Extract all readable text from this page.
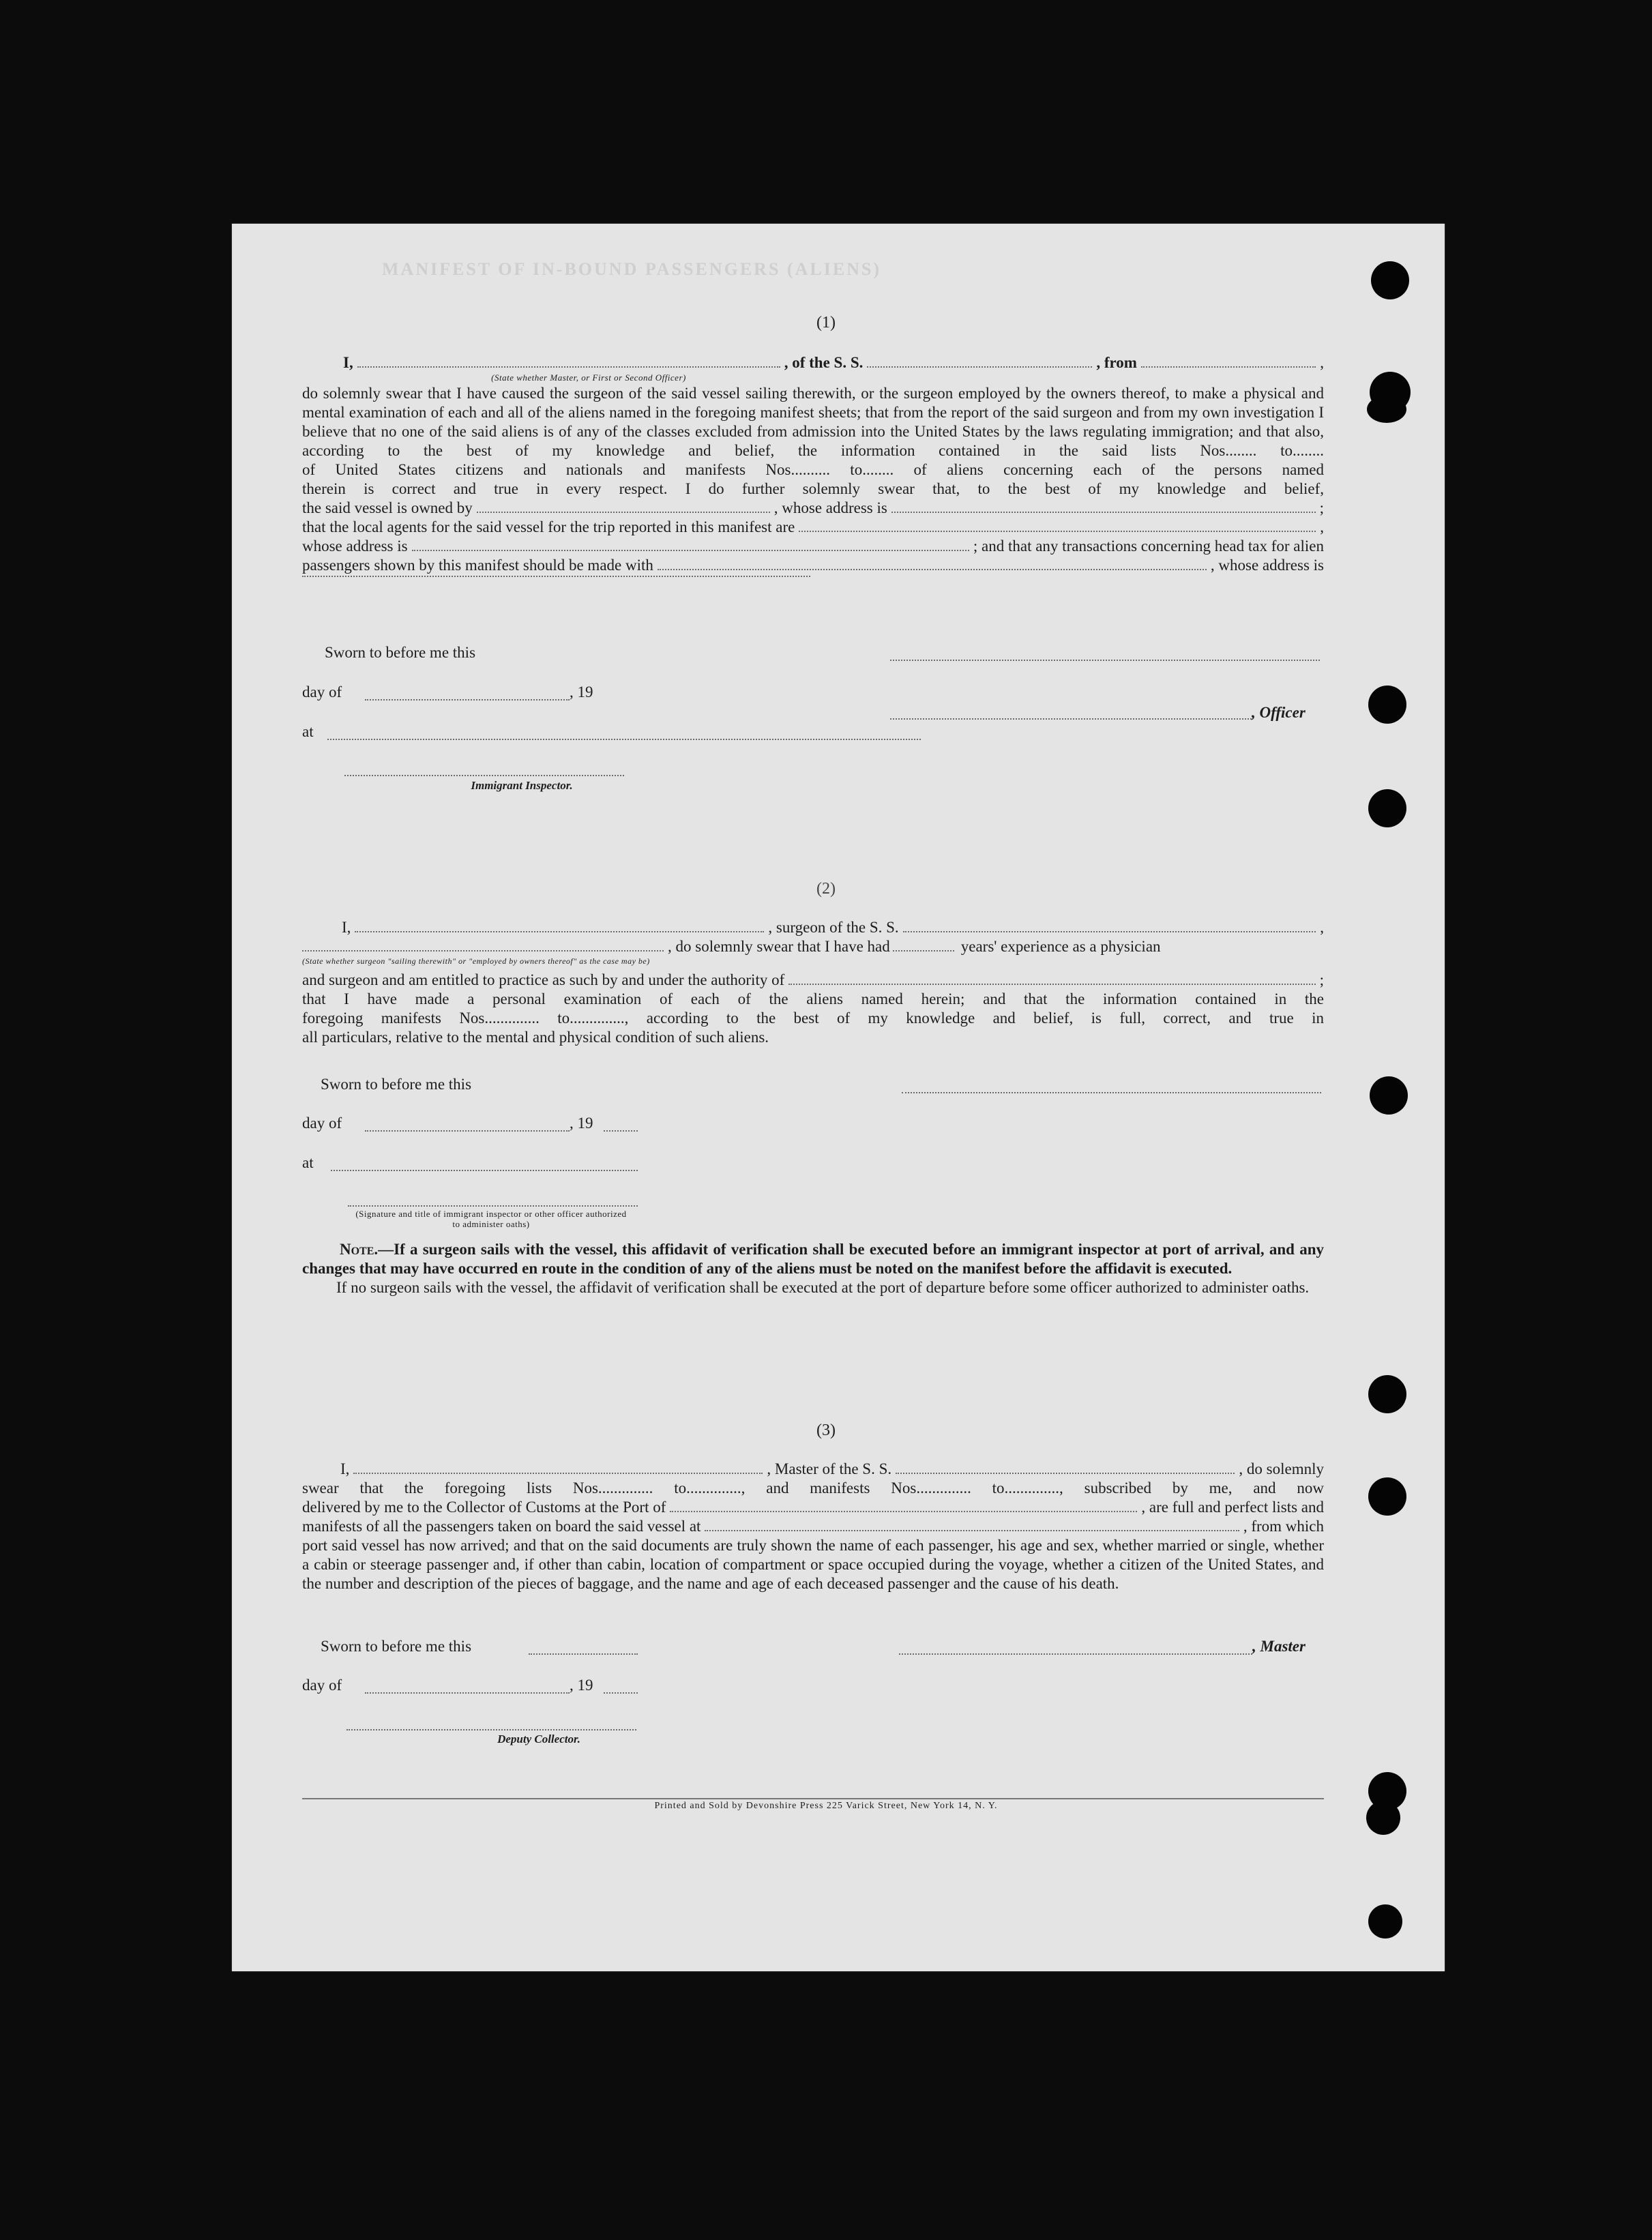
MANIFEST OF IN-BOUND PASSENGERS (ALIENS)
(1)
I,	, of the S. S.	, from	,
(State whether Master, or First or Second Officer)
do solemnly swear that I have caused the surgeon of the said vessel sailing therewith, or the surgeon employed by the owners thereof, to make a physical and mental examination of each and all of the aliens named in the foregoing manifest sheets; that from the report of the said surgeon and from my own investigation I believe that no one of the said aliens is of any of the classes excluded from admission into the United States by the laws regulating immigration; and that also, according to the best of my knowledge and belief, the information contained in the said lists Nos........ to........
of United States citizens and nationals and manifests Nos.......... to........ of aliens concerning each of the persons named
therein is correct and true in every respect. I do further solemnly swear that, to the best of my knowledge and belief,
the said vessel is owned by	, whose address is	;
that the local agents for the said vessel for the trip reported in this manifest are	,
whose address is	; and that any transactions concerning head tax for alien
passengers shown by this manifest should be made with	, whose address is
Sworn to before me this
day of	, 19
, Officer
at
Immigrant Inspector.
(2)
I,	, surgeon of the S. S.	,
, do solemnly swear that I have had	years' experience as a physician
(State whether surgeon "sailing therewith" or "employed by owners thereof" as the case may be)
and surgeon and am entitled to practice as such by and under the authority of	;
that I have made a personal examination of each of the aliens named herein; and that the information contained in the
foregoing manifests Nos.............. to.............., according to the best of my knowledge and belief, is full, correct, and true in
all particulars, relative to the mental and physical condition of such aliens.
Sworn to before me this
day of	, 19
at
(Signature and title of immigrant inspector or other officer authorized to administer oaths)
Note.—If a surgeon sails with the vessel, this affidavit of verification shall be executed before an immigrant inspector at port of arrival, and any changes that may have occurred en route in the condition of any of the aliens must be noted on the manifest before the affidavit is executed.
If no surgeon sails with the vessel, the affidavit of verification shall be executed at the port of departure before some officer authorized to administer oaths.
(3)
I,	, Master of the S. S.	, do solemnly
swear that the foregoing lists Nos.............. to.............., and manifests Nos.............. to.............., subscribed by me, and now
delivered by me to the Collector of Customs at the Port of	, are full and perfect lists and
manifests of all the passengers taken on board the said vessel at	, from which
port said vessel has now arrived; and that on the said documents are truly shown the name of each passenger, his age and sex, whether married or single, whether a cabin or steerage passenger and, if other than cabin, location of compartment or space occupied during the voyage, whether a citizen of the United States, and the number and description of the pieces of baggage, and the name and age of each deceased passenger and the cause of his death.
Sworn to before me this	, Master
day of	, 19
Deputy Collector.
Printed and Sold by Devonshire Press 225 Varick Street, New York 14, N. Y.
